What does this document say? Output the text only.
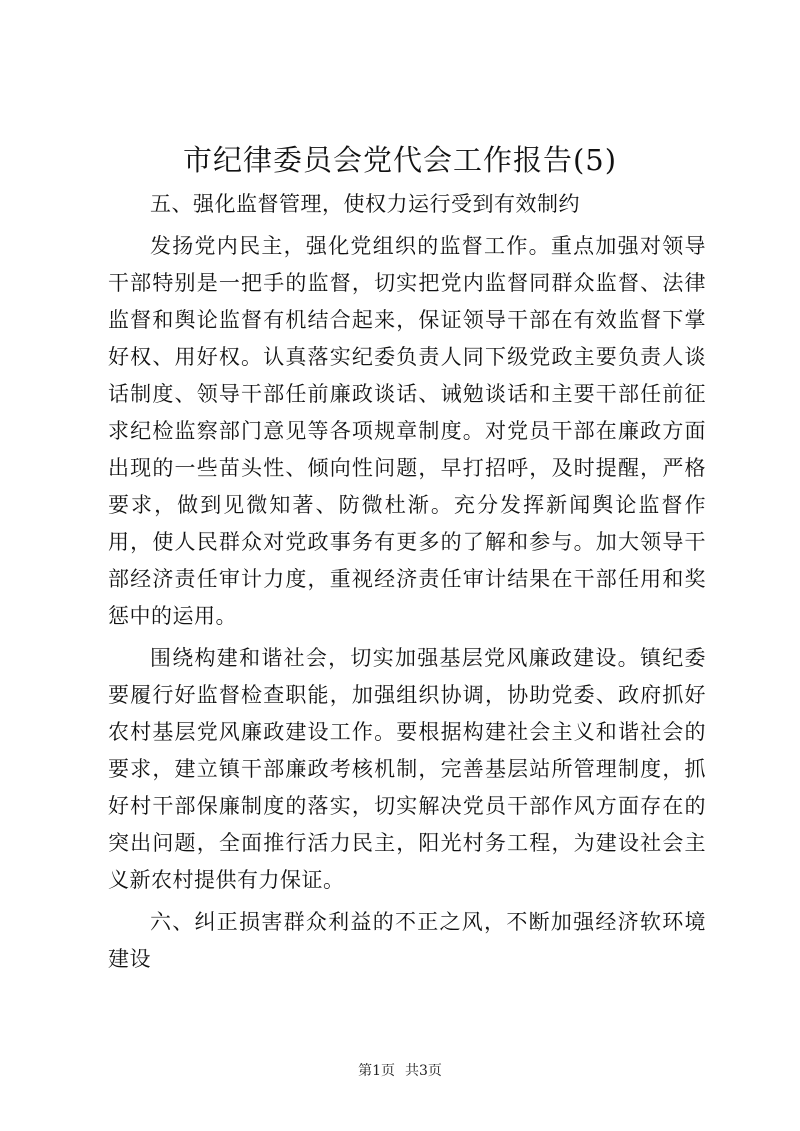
市纪律委员会党代会工作报告(5)

五、强化监督管理，使权力运行受到有效制约

发扬党内民主，强化党组织的监督工作。重点加强对领导干部特别是一把手的监督，切实把党内监督同群众监督、法律监督和舆论监督有机结合起来，保证领导干部在有效监督下掌好权、用好权。认真落实纪委负责人同下级党政主要负责人谈话制度、领导干部任前廉政谈话、诫勉谈话和主要干部任前征求纪检监察部门意见等各项规章制度。对党员干部在廉政方面出现的一些苗头性、倾向性问题，早打招呼，及时提醒，严格要求，做到见微知著、防微杜渐。充分发挥新闻舆论监督作用，使人民群众对党政事务有更多的了解和参与。加大领导干部经济责任审计力度，重视经济责任审计结果在干部任用和奖惩中的运用。

围绕构建和谐社会，切实加强基层党风廉政建设。镇纪委要履行好监督检查职能，加强组织协调，协助党委、政府抓好农村基层党风廉政建设工作。要根据构建社会主义和谐社会的要求，建立镇干部廉政考核机制，完善基层站所管理制度，抓好村干部保廉制度的落实，切实解决党员干部作风方面存在的突出问题，全面推行活力民主，阳光村务工程，为建设社会主义新农村提供有力保证。

六、纠正损害群众利益的不正之风，不断加强经济软环境建设

第1页 共3页
